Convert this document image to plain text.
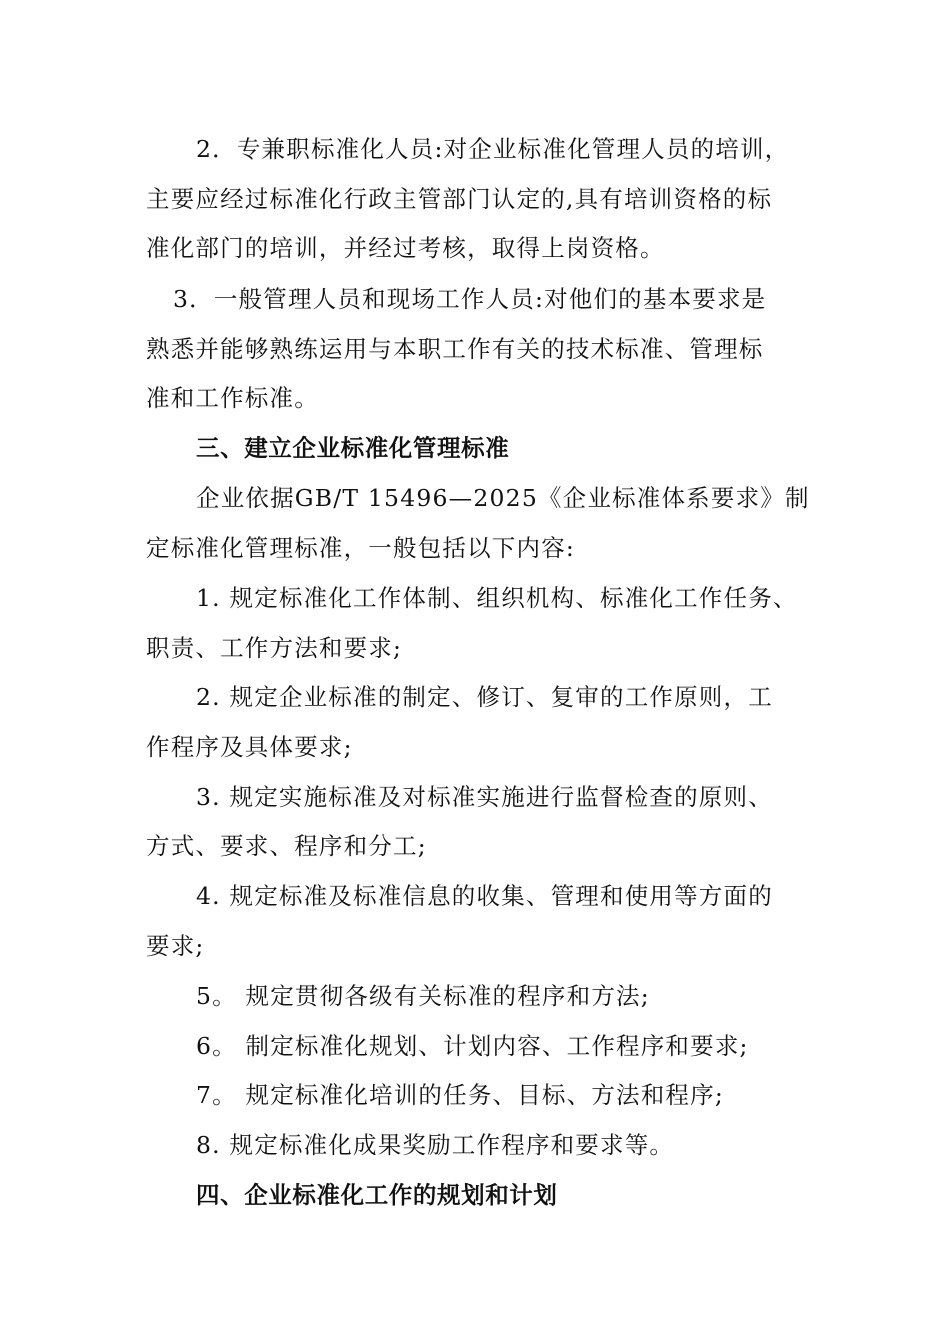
2．专兼职标准化人员:对企业标准化管理人员的培训，
主要应经过标准化行政主管部门认定的,具有培训资格的标
准化部门的培训，并经过考核，取得上岗资格。
3．一般管理人员和现场工作人员:对他们的基本要求是
熟悉并能够熟练运用与本职工作有关的技术标准、管理标
准和工作标准。
三、建立企业标准化管理标准
企业依据GB/T 15496—2025《企业标准体系要求》制
定标准化管理标准，一般包括以下内容:
1. 规定标准化工作体制、组织机构、标准化工作任务、
职责、工作方法和要求;
2. 规定企业标准的制定、修订、复审的工作原则，工
作程序及具体要求;
3. 规定实施标准及对标准实施进行监督检查的原则、
方式、要求、程序和分工;
4. 规定标准及标准信息的收集、管理和使用等方面的
要求;
5。 规定贯彻各级有关标准的程序和方法;
6。 制定标准化规划、计划内容、工作程序和要求;
7。 规定标准化培训的任务、目标、方法和程序;
8. 规定标准化成果奖励工作程序和要求等。
四、企业标准化工作的规划和计划
